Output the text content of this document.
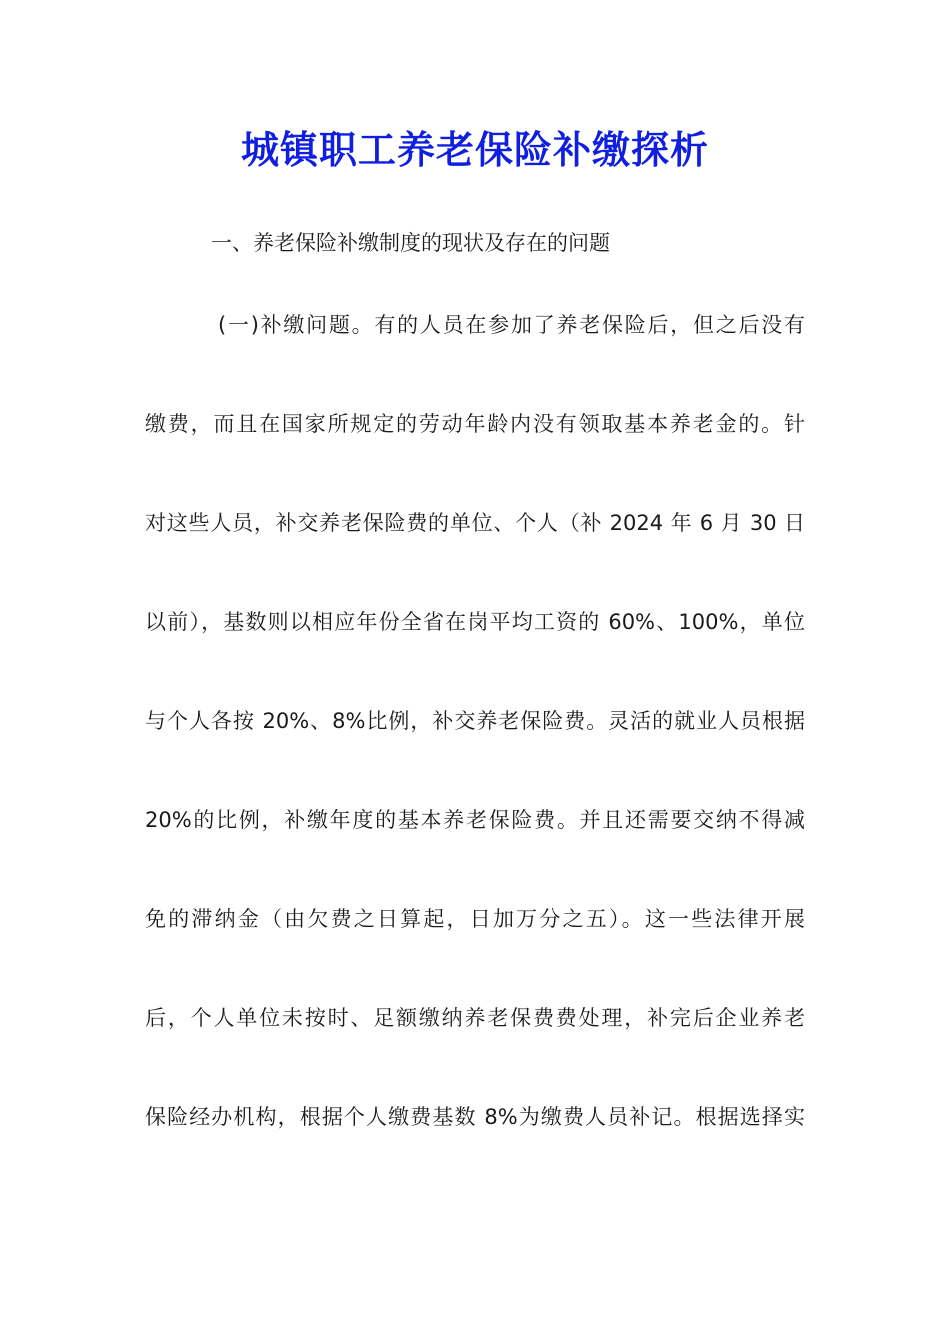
城镇职工养老保险补缴探析

一、养老保险补缴制度的现状及存在的问题

(一)补缴问题。有的人员在参加了养老保险后，但之后没有

缴费，而且在国家所规定的劳动年龄内没有领取基本养老金的。针

对这些人员，补交养老保险费的单位、个人（补 2024 年 6 月 30 日

以前），基数则以相应年份全省在岗平均工资的 60%、100%，单位

与个人各按 20%、8%比例，补交养老保险费。灵活的就业人员根据

20%的比例，补缴年度的基本养老保险费。并且还需要交纳不得减

免的滞纳金（由欠费之日算起，日加万分之五）。这一些法律开展

后，个人单位未按时、足额缴纳养老保费费处理，补完后企业养老

保险经办机构，根据个人缴费基数 8%为缴费人员补记。根据选择实
